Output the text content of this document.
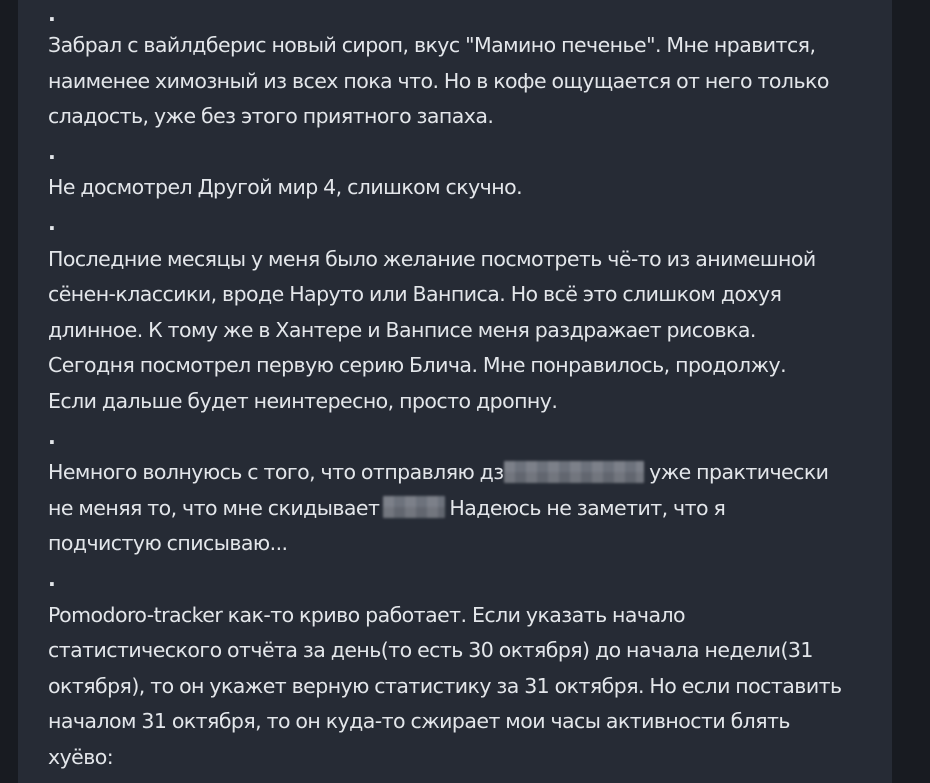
.
Забрал с вайлдберис новый сироп, вкус "Мамино печенье". Мне нравится,
наименее химозный из всех пока что. Но в кофе ощущается от него только
сладость, уже без этого приятного запаха.
.
Не досмотрел Другой мир 4, слишком скучно.
.
Последние месяцы у меня было желание посмотреть чё-то из анимешной
сёнен-классики, вроде Наруто или Ванписа. Но всё это слишком дохуя
длинное. К тому же в Хантере и Ванписе меня раздражает рисовка.
Сегодня посмотрел первую серию Блича. Мне понравилось, продолжу.
Если дальше будет неинтересно, просто дропну.
.
Немного волнуюсь с того, что отправляю дз	уже практически
не меняя то, что мне скидывает	Надеюсь не заметит, что я
подчистую списываю...
.
Pomodoro-tracker как-то криво работает. Если указать начало
статистического отчёта за день(то есть 30 октября) до начала недели(31
октября), то он укажет верную статистику за 31 октября. Но если поставить
началом 31 октября, то он куда-то сжирает мои часы активности блять
хуёво:
